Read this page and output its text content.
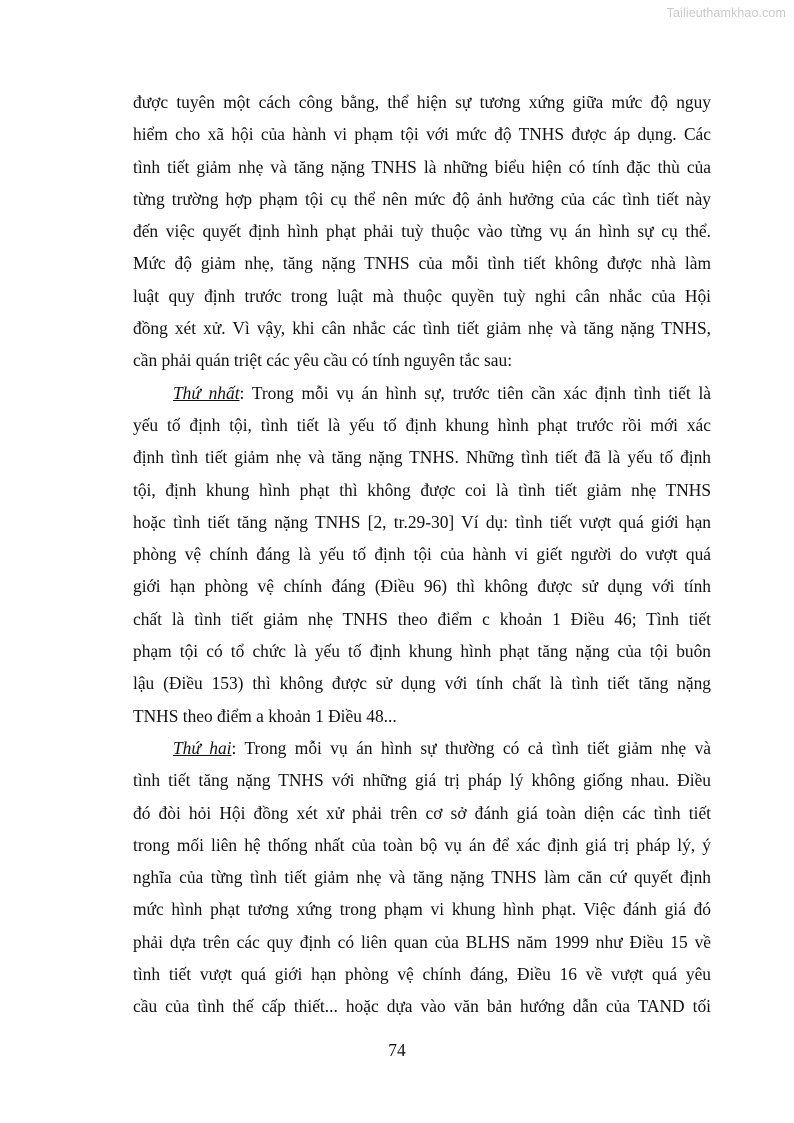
Tailieuthamkhao.com
được tuyên một cách công bằng, thể hiện sự tương xứng giữa mức độ nguy
hiểm cho xã hội của hành vi phạm tội với mức độ TNHS được áp dụng. Các
tình tiết giảm nhẹ và tăng nặng TNHS là những biểu hiện có tính đặc thù của
từng trường hợp phạm tội cụ thể nên mức độ ảnh hưởng của các tình tiết này
đến việc quyết định hình phạt phải tuỳ thuộc vào từng vụ án hình sự cụ thể.
Mức độ giảm nhẹ, tăng nặng TNHS của mỗi tình tiết không được nhà làm
luật quy định trước trong luật mà thuộc quyền tuỳ nghi cân nhắc của Hội
đồng xét xử. Vì vậy, khi cân nhắc các tình tiết giảm nhẹ và tăng nặng TNHS,
cần phải quán triệt các yêu cầu có tính nguyên tắc sau:
Thứ nhất: Trong mỗi vụ án hình sự, trước tiên cần xác định tình tiết là
yếu tố định tội, tình tiết là yếu tố định khung hình phạt trước rồi mới xác
định tình tiết giảm nhẹ và tăng nặng TNHS. Những tình tiết đã là yếu tố định
tội, định khung hình phạt thì không được coi là tình tiết giảm nhẹ TNHS
hoặc tình tiết tăng nặng TNHS [2, tr.29-30] Ví dụ: tình tiết vượt quá giới hạn
phòng vệ chính đáng là yếu tố định tội của hành vi giết người do vượt quá
giới hạn phòng vệ chính đáng (Điều 96) thì không được sử dụng với tính
chất là tình tiết giảm nhẹ TNHS theo điểm c khoản 1 Điều 46; Tình tiết
phạm tội có tổ chức là yếu tố định khung hình phạt tăng nặng của tội buôn
lậu (Điều 153) thì không được sử dụng với tính chất là tình tiết tăng nặng
TNHS theo điểm a khoản 1 Điều 48...
Thứ hai: Trong mỗi vụ án hình sự thường có cả tình tiết giảm nhẹ và
tình tiết tăng nặng TNHS với những giá trị pháp lý không giống nhau. Điều
đó đòi hỏi Hội đồng xét xử phải trên cơ sở đánh giá toàn diện các tình tiết
trong mối liên hệ thống nhất của toàn bộ vụ án để xác định giá trị pháp lý, ý
nghĩa của từng tình tiết giảm nhẹ và tăng nặng TNHS làm căn cứ quyết định
mức hình phạt tương xứng trong phạm vi khung hình phạt. Việc đánh giá đó
phải dựa trên các quy định có liên quan của BLHS năm 1999 như Điều 15 về
tình tiết vượt quá giới hạn phòng vệ chính đáng, Điều 16 về vượt quá yêu
cầu của tình thế cấp thiết... hoặc dựa vào văn bản hướng dẫn của TAND tối
74
